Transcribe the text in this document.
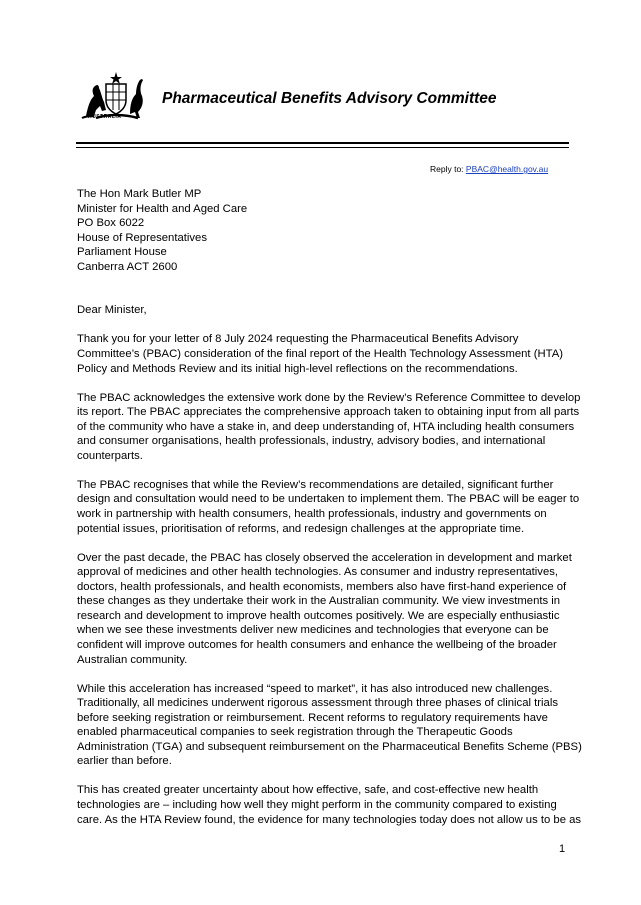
AUSTRALIA
Pharmaceutical Benefits Advisory Committee
Reply to: PBAC@health.gov.au
The Hon Mark Butler MP
Minister for Health and Aged Care
PO Box 6022
House of Representatives
Parliament House
Canberra ACT 2600
Dear Minister,
Thank you for your letter of 8 July 2024 requesting the Pharmaceutical Benefits Advisory
Committee’s (PBAC) consideration of the final report of the Health Technology Assessment (HTA)
Policy and Methods Review and its initial high-level reflections on the recommendations.
The PBAC acknowledges the extensive work done by the Review’s Reference Committee to develop
its report. The PBAC appreciates the comprehensive approach taken to obtaining input from all parts
of the community who have a stake in, and deep understanding of, HTA including health consumers
and consumer organisations, health professionals, industry, advisory bodies, and international
counterparts.
The PBAC recognises that while the Review’s recommendations are detailed, significant further
design and consultation would need to be undertaken to implement them. The PBAC will be eager to
work in partnership with health consumers, health professionals, industry and governments on
potential issues, prioritisation of reforms, and redesign challenges at the appropriate time.
Over the past decade, the PBAC has closely observed the acceleration in development and market
approval of medicines and other health technologies. As consumer and industry representatives,
doctors, health professionals, and health economists, members also have first-hand experience of
these changes as they undertake their work in the Australian community. We view investments in
research and development to improve health outcomes positively. We are especially enthusiastic
when we see these investments deliver new medicines and technologies that everyone can be
confident will improve outcomes for health consumers and enhance the wellbeing of the broader
Australian community.
While this acceleration has increased “speed to market”, it has also introduced new challenges.
Traditionally, all medicines underwent rigorous assessment through three phases of clinical trials
before seeking registration or reimbursement. Recent reforms to regulatory requirements have
enabled pharmaceutical companies to seek registration through the Therapeutic Goods
Administration (TGA) and subsequent reimbursement on the Pharmaceutical Benefits Scheme (PBS)
earlier than before.
This has created greater uncertainty about how effective, safe, and cost-effective new health
technologies are – including how well they might perform in the community compared to existing
care. As the HTA Review found, the evidence for many technologies today does not allow us to be as
1
